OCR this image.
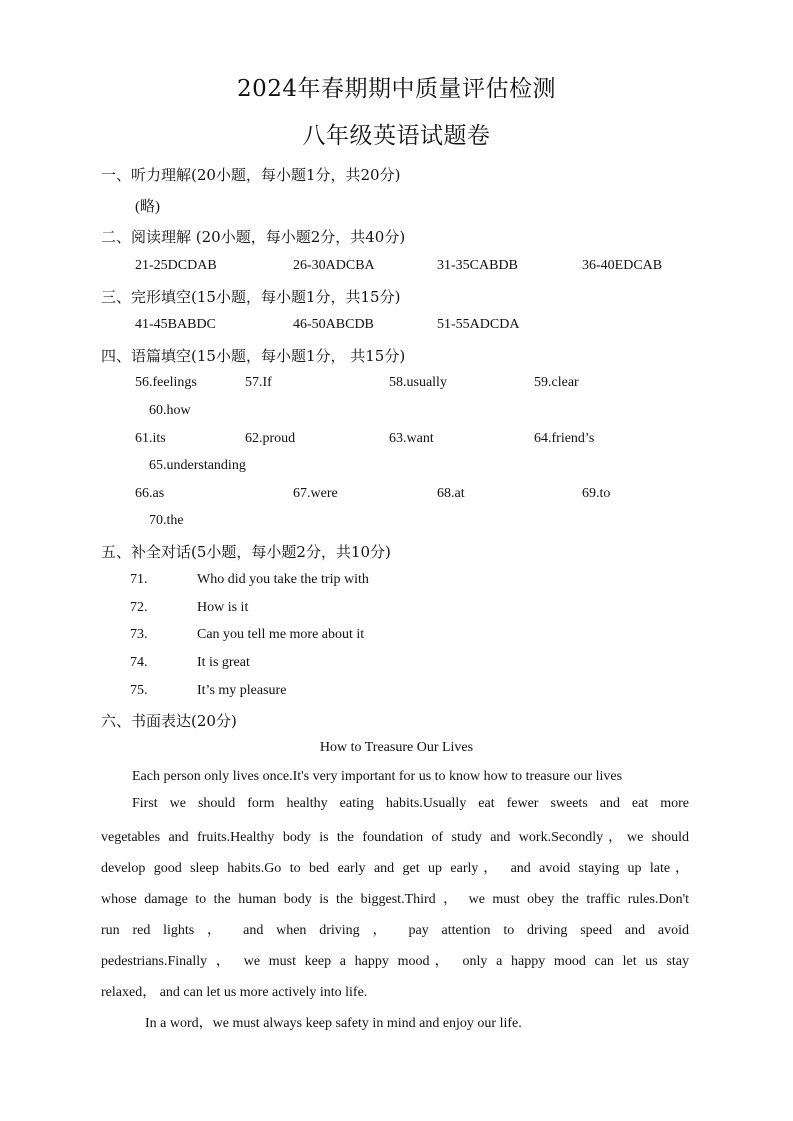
2024年春期期中质量评估检测
八年级英语试题卷
一、听力理解(20小题，每小题1分，共20分)
(略)
二、阅读理解 (20小题，每小题2分，共40分)
21-25DCDAB	26-30ADCBA	31-35CABDB	36-40EDCAB
三、完形填空(15小题，每小题1分，共15分)
41-45BABDC	46-50ABCDB	51-55ADCDA
四、语篇填空(15小题，每小题1分， 共15分)
56.feelings	57.If	58.usually	59.clear
60.how
61.its	62.proud	63.want	64.friend’s
65.understanding
66.as	67.were	68.at	69.to
70.the
五、补全对话(5小题，每小题2分，共10分)
71.	Who did you take the trip with
72.	How is it
73.	Can you tell me more about it
74.	It is great
75.	It’s my pleasure
六、书面表达(20分)
How to Treasure Our Lives
Each person only lives once.It's very important for us to know how to treasure our lives
First we should form healthy eating habits.Usually eat fewer sweets and eat more
vegetables and fruits.Healthy body is the foundation of study and work.Secondly，we should
develop good sleep habits.Go to bed early and get up early， and avoid staying up late，
whose damage to the human body is the biggest.Third ， we must obey the traffic rules.Don't
run red lights ， and when driving ， pay attention to driving speed and avoid
pedestrians.Finally ， we must keep a happy mood， only a happy mood can let us stay
relaxed， and can let us more actively into life.
In a word，we must always keep safety in mind and enjoy our life.
